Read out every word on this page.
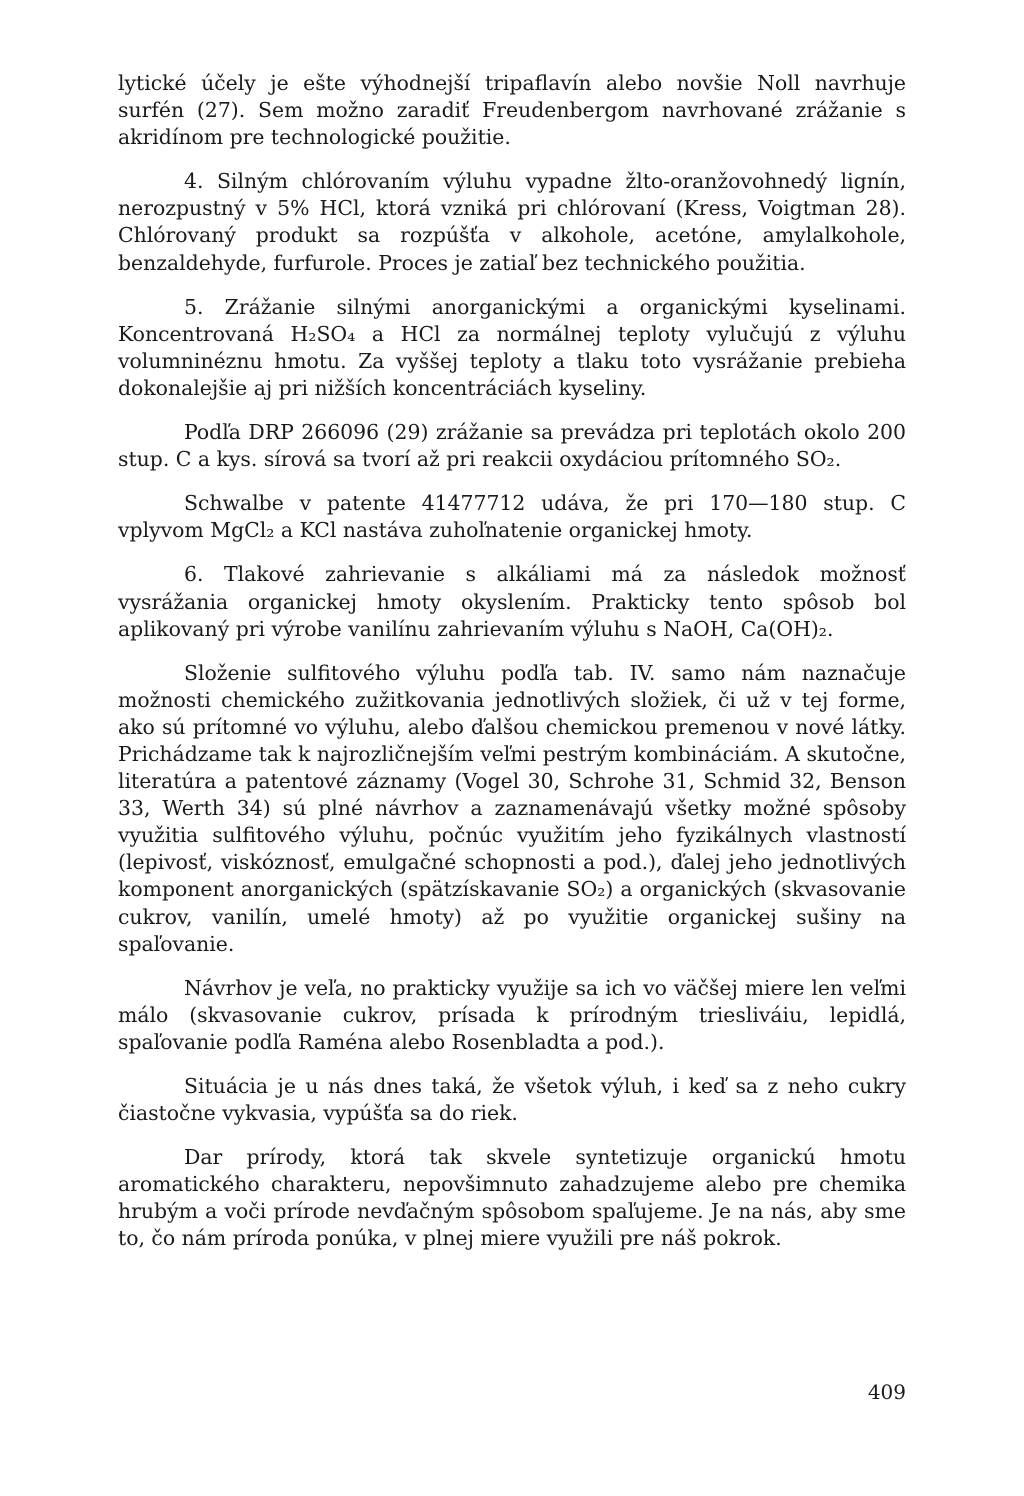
lytické účely je ešte výhodnejší tripaflavín alebo novšie Noll navrhuje surfén (27). Sem možno zaradiť Freudenbergom navrhované zrážanie s akridínom pre technologické použitie.

4. Silným chlórovaním výluhu vypadne žlto-oranžovohnedý lignín, nerozpustný v 5% HCl, ktorá vzniká pri chlórovaní (Kress, Voigtman 28). Chlórovaný produkt sa rozpúšťa v alkohole, acetóne, amylalkohole, benzaldehyde, furfurole. Proces je zatiaľ bez technického použitia.

5. Zrážanie silnými anorganickými a organickými kyselinami. Koncentrovaná H₂SO₄ a HCl za normálnej teploty vylučujú z výluhu volumninéznu hmotu. Za vyššej teploty a tlaku toto vysrážanie prebieha dokonalejšie aj pri nižších koncentráciách kyseliny.

Podľa DRP 266096 (29) zrážanie sa prevádza pri teplotách okolo 200 stup. C a kys. sírová sa tvorí až pri reakcii oxydáciou prítomného SO₂.

Schwalbe v patente 41477712 udáva, že pri 170—180 stup. C vplyvom MgCl₂ a KCl nastáva zuhoľnatenie organickej hmoty.

6. Tlakové zahrievanie s alkáliami má za následok možnosť vysrážania organickej hmoty okyslením. Prakticky tento spôsob bol aplikovaný pri výrobe vanilínu zahrievaním výluhu s NaOH, Ca(OH)₂.

Složenie sulfitového výluhu podľa tab. IV. samo nám naznačuje možnosti chemického zužitkovania jednotlivých složiek, či už v tej forme, ako sú prítomné vo výluhu, alebo ďalšou chemickou premenou v nové látky. Prichádzame tak k najrozličnejším veľmi pestrým kombináciám. A skutočne, literatúra a patentové záznamy (Vogel 30, Schrohe 31, Schmid 32, Benson 33, Werth 34) sú plné návrhov a zaznamenávajú všetky možné spôsoby využitia sulfitového výluhu, počnúc využitím jeho fyzikálnych vlastností (lepivosť, viskóznosť, emulgačné schopnosti a pod.), ďalej jeho jednotlivých komponent anorganických (spätzískavanie SO₂) a organických (skvasovanie cukrov, vanilín, umelé hmoty) až po využitie organickej sušiny na spaľovanie.

Návrhov je veľa, no prakticky využije sa ich vo väčšej miere len veľmi málo (skvasovanie cukrov, prísada k prírodným triesliváiu, lepidlá, spaľovanie podľa Raména alebo Rosenbladta a pod.).

Situácia je u nás dnes taká, že všetok výluh, i keď sa z neho cukry čiastočne vykvasia, vypúšťa sa do riek.

Dar prírody, ktorá tak skvele syntetizuje organickú hmotu aromatického charakteru, nepovšimnuto zahadzujeme alebo pre chemika hrubým a voči prírode nevďačným spôsobom spaľujeme. Je na nás, aby sme to, čo nám príroda ponúka, v plnej miere využili pre náš pokrok.

409
